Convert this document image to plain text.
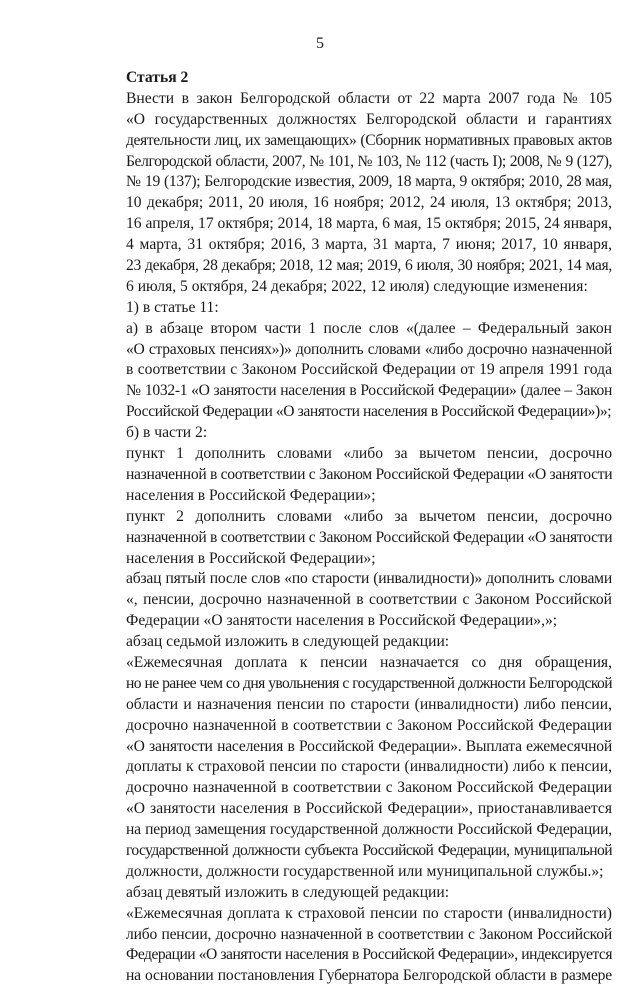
5
Статья 2
Внести в закон Белгородской области от 22 марта 2007 года № 105
«О государственных должностях Белгородской области и гарантиях
деятельности лиц, их замещающих» (Сборник нормативных правовых актов
Белгородской области, 2007, № 101, № 103, № 112 (часть I); 2008, № 9 (127),
№ 19 (137); Белгородские известия, 2009, 18 марта, 9 октября; 2010, 28 мая,
10 декабря; 2011, 20 июля, 16 ноября; 2012, 24 июля, 13 октября; 2013,
16 апреля, 17 октября; 2014, 18 марта, 6 мая, 15 октября; 2015, 24 января,
4 марта, 31 октября; 2016, 3 марта, 31 марта, 7 июня; 2017, 10 января,
23 декабря, 28 декабря; 2018, 12 мая; 2019, 6 июля, 30 ноября; 2021, 14 мая,
6 июля, 5 октября, 24 декабря; 2022, 12 июля) следующие изменения:
1) в статье 11:
а) в абзаце втором части 1 после слов «(далее – Федеральный закон
«О страховых пенсиях»)» дополнить словами «либо досрочно назначенной
в соответствии с Законом Российской Федерации от 19 апреля 1991 года
№ 1032-1 «О занятости населения в Российской Федерации» (далее – Закон
Российской Федерации «О занятости населения в Российской Федерации»)»;
б) в части 2:
пункт 1 дополнить словами «либо за вычетом пенсии, досрочно
назначенной в соответствии с Законом Российской Федерации «О занятости
населения в Российской Федерации»;
пункт 2 дополнить словами «либо за вычетом пенсии, досрочно
назначенной в соответствии с Законом Российской Федерации «О занятости
населения в Российской Федерации»;
абзац пятый после слов «по старости (инвалидности)» дополнить словами
«, пенсии, досрочно назначенной в соответствии с Законом Российской
Федерации «О занятости населения в Российской Федерации»,»;
абзац седьмой изложить в следующей редакции:
«Ежемесячная доплата к пенсии назначается со дня обращения,
но не ранее чем со дня увольнения с государственной должности Белгородской
области и назначения пенсии по старости (инвалидности) либо пенсии,
досрочно назначенной в соответствии с Законом Российской Федерации
«О занятости населения в Российской Федерации». Выплата ежемесячной
доплаты к страховой пенсии по старости (инвалидности) либо к пенсии,
досрочно назначенной в соответствии с Законом Российской Федерации
«О занятости населения в Российской Федерации», приостанавливается
на период замещения государственной должности Российской Федерации,
государственной должности субъекта Российской Федерации, муниципальной
должности, должности государственной или муниципальной службы.»;
абзац девятый изложить в следующей редакции:
«Ежемесячная доплата к страховой пенсии по старости (инвалидности)
либо пенсии, досрочно назначенной в соответствии с Законом Российской
Федерации «О занятости населения в Российской Федерации», индексируется
на основании постановления Губернатора Белгородской области в размере
